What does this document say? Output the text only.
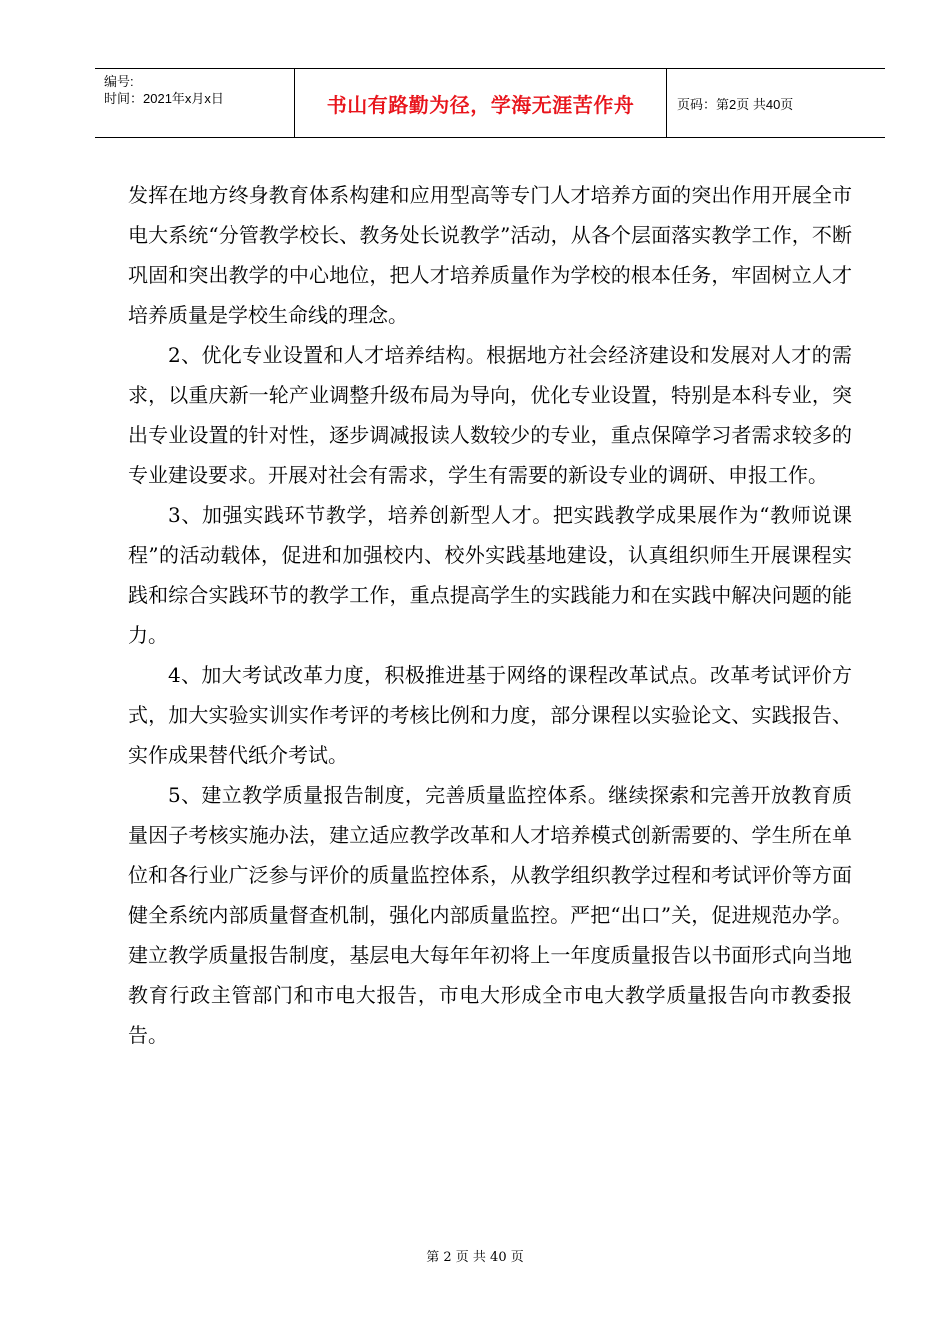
编号:
时间：2021年x月x日	书山有路勤为径，学海无涯苦作舟	页码：第2页 共40页

发挥在地方终身教育体系构建和应用型高等专门人才培养方面的突出作用开展全市电大系统“分管教学校长、教务处长说教学”活动，从各个层面落实教学工作，不断巩固和突出教学的中心地位，把人才培养质量作为学校的根本任务，牢固树立人才培养质量是学校生命线的理念。

2、优化专业设置和人才培养结构。根据地方社会经济建设和发展对人才的需求，以重庆新一轮产业调整升级布局为导向，优化专业设置，特别是本科专业，突出专业设置的针对性，逐步调减报读人数较少的专业，重点保障学习者需求较多的专业建设要求。开展对社会有需求，学生有需要的新设专业的调研、申报工作。

3、加强实践环节教学，培养创新型人才。把实践教学成果展作为“教师说课程”的活动载体，促进和加强校内、校外实践基地建设，认真组织师生开展课程实践和综合实践环节的教学工作，重点提高学生的实践能力和在实践中解决问题的能力。

4、加大考试改革力度，积极推进基于网络的课程改革试点。改革考试评价方式，加大实验实训实作考评的考核比例和力度，部分课程以实验论文、实践报告、实作成果替代纸介考试。

5、建立教学质量报告制度，完善质量监控体系。继续探索和完善开放教育质量因子考核实施办法，建立适应教学改革和人才培养模式创新需要的、学生所在单位和各行业广泛参与评价的质量监控体系，从教学组织教学过程和考试评价等方面健全系统内部质量督查机制，强化内部质量监控。严把“出口”关，促进规范办学。建立教学质量报告制度，基层电大每年年初将上一年度质量报告以书面形式向当地教育行政主管部门和市电大报告，市电大形成全市电大教学质量报告向市教委报告。

第 2 页 共 40 页
